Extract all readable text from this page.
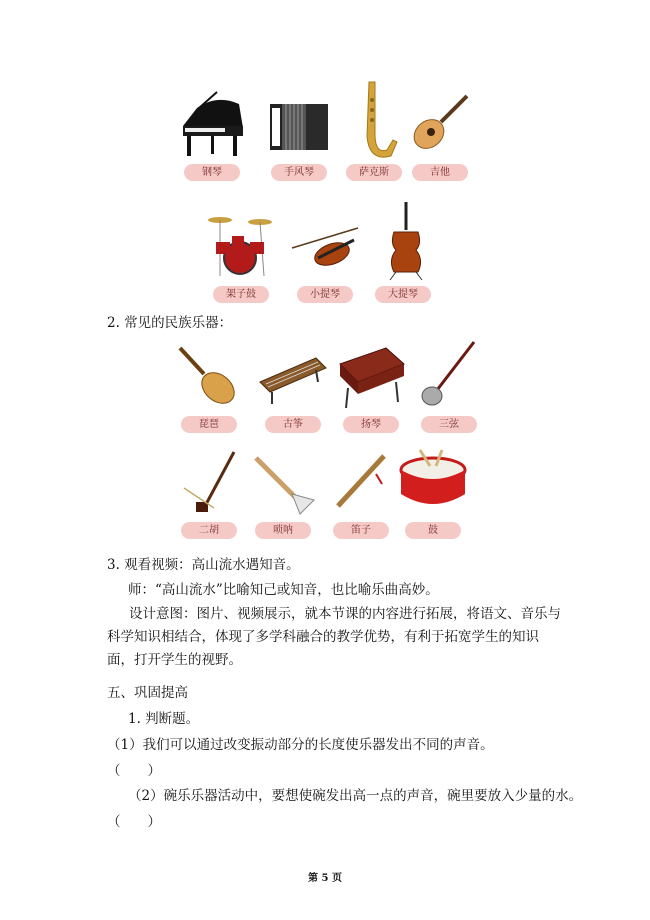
钢琴	手风琴	萨克斯	吉他
架子鼓	小提琴	大提琴
2. 常见的民族乐器：
琵琶	古筝	扬琴	三弦
二胡	唢呐	笛子	鼓
3. 观看视频：高山流水遇知音。
师：“高山流水”比喻知己或知音，也比喻乐曲高妙。
设计意图：图片、视频展示，就本节课的内容进行拓展，将语文、音乐与科学知识相结合，体现了多学科融合的教学优势，有利于拓宽学生的知识面，打开学生的视野。
五、巩固提高
1. 判断题。
（1）我们可以通过改变振动部分的长度使乐器发出不同的声音。
（　　）
（2）碗乐乐器活动中，要想使碗发出高一点的声音，碗里要放入少量的水。
（　　）
第 5 页
